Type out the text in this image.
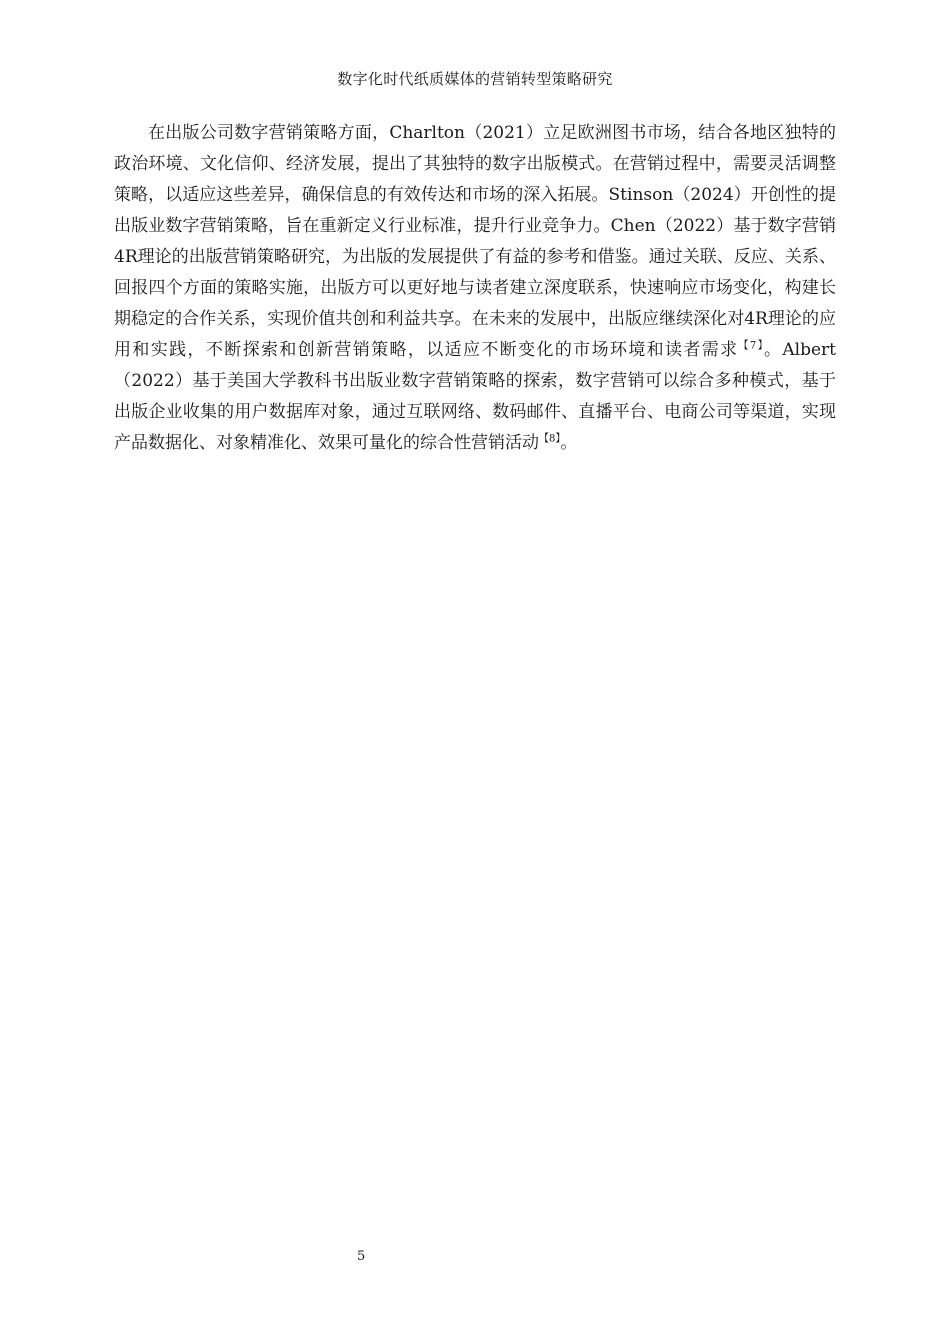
数字化时代纸质媒体的营销转型策略研究

在出版公司数字营销策略方面，Charlton（2021）立足欧洲图书市场，结合各地区独特的政治环境、文化信仰、经济发展，提出了其独特的数字出版模式。在营销过程中，需要灵活调整策略，以适应这些差异，确保信息的有效传达和市场的深入拓展。Stinson（2024）开创性的提出版业数字营销策略，旨在重新定义行业标准，提升行业竞争力。Chen（2022）基于数字营销4R理论的出版营销策略研究，为出版的发展提供了有益的参考和借鉴。通过关联、反应、关系、回报四个方面的策略实施，出版方可以更好地与读者建立深度联系，快速响应市场变化，构建长期稳定的合作关系，实现价值共创和利益共享。在未来的发展中，出版应继续深化对4R理论的应用和实践，不断探索和创新营销策略，以适应不断变化的市场环境和读者需求$^{【7】}$。Albert（2022）基于美国大学教科书出版业数字营销策略的探索，数字营销可以综合多种模式，基于出版企业收集的用户数据库对象，通过互联网络、数码邮件、直播平台、电商公司等渠道，实现产品数据化、对象精准化、效果可量化的综合性营销活动$^{【8】}$。

5
